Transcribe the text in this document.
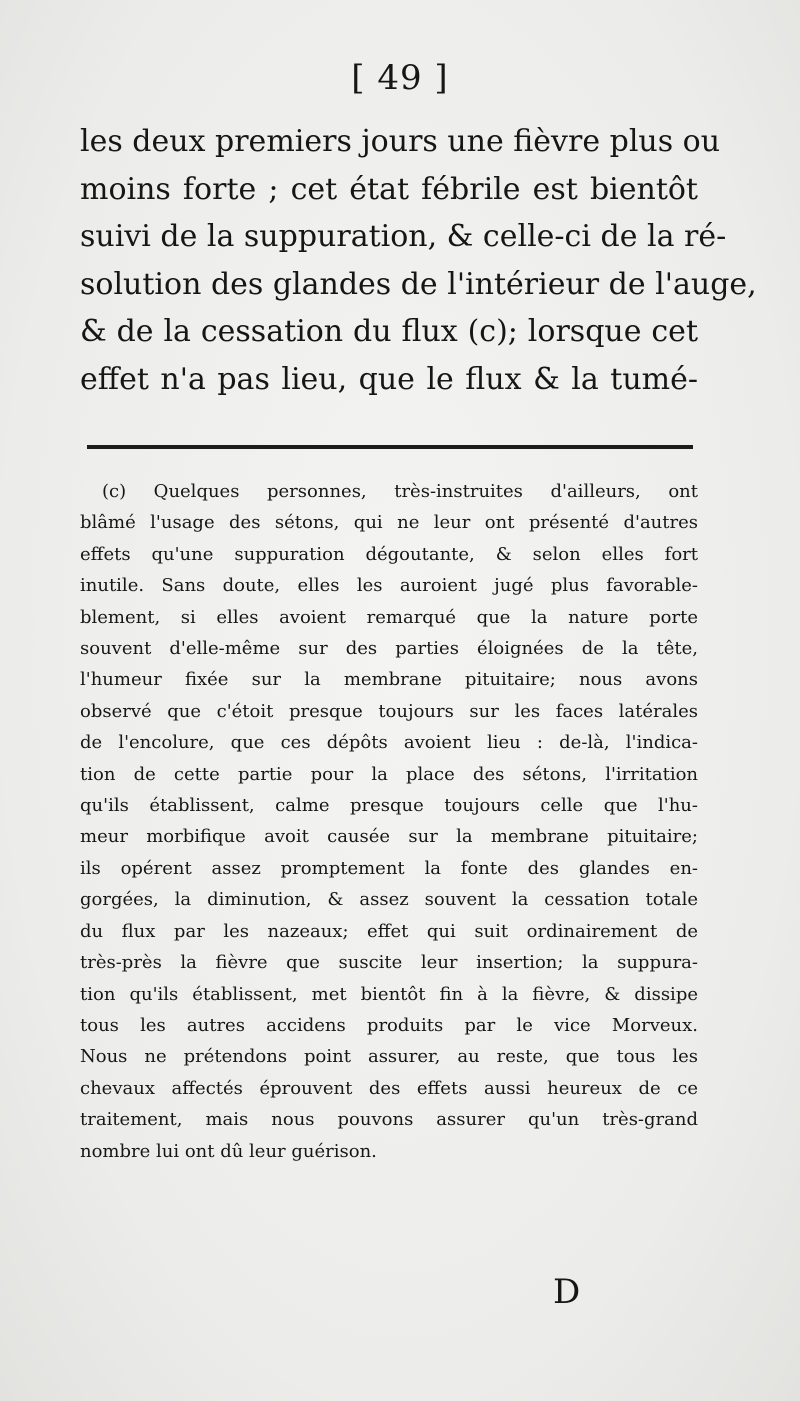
[ 49 ]
les deux premiers jours une fièvre plus ou
moins forte ; cet état fébrile est bientôt
suivi de la suppuration, & celle-ci de la ré-
solution des glandes de l'intérieur de l'auge,
& de la cessation du flux (c); lorsque cet
effet n'a pas lieu, que le flux & la tumé-
(c) Quelques personnes, très-instruites d'ailleurs, ont
blâmé l'usage des sétons, qui ne leur ont présenté d'autres
effets qu'une suppuration dégoutante, & selon elles fort
inutile. Sans doute, elles les auroient jugé plus favorable-
blement, si elles avoient remarqué que la nature porte
souvent d'elle-même sur des parties éloignées de la tête,
l'humeur fixée sur la membrane pituitaire; nous avons
observé que c'étoit presque toujours sur les faces latérales
de l'encolure, que ces dépôts avoient lieu : de-là, l'indica-
tion de cette partie pour la place des sétons, l'irritation
qu'ils établissent, calme presque toujours celle que l'hu-
meur morbifique avoit causée sur la membrane pituitaire;
ils opérent assez promptement la fonte des glandes en-
gorgées, la diminution, & assez souvent la cessation totale
du flux par les nazeaux; effet qui suit ordinairement de
très-près la fièvre que suscite leur insertion; la suppura-
tion qu'ils établissent, met bientôt fin à la fièvre, & dissipe
tous les autres accidens produits par le vice Morveux.
Nous ne prétendons point assurer, au reste, que tous les
chevaux affectés éprouvent des effets aussi heureux de ce
traitement, mais nous pouvons assurer qu'un très-grand
nombre lui ont dû leur guérison.
D
